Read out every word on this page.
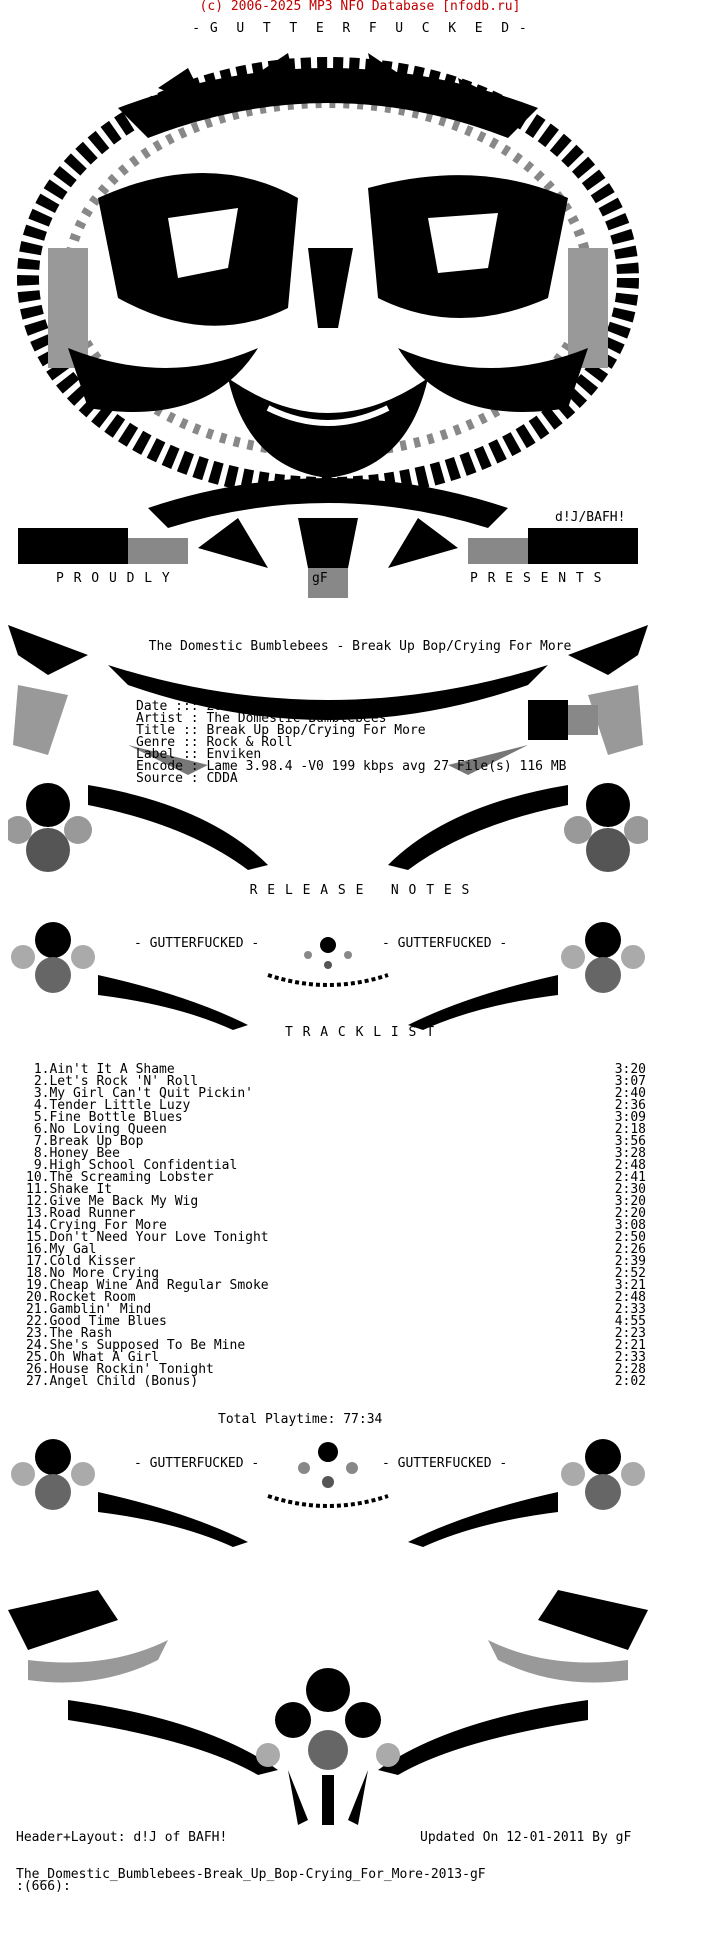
(c) 2006-2025 MP3 NFO Database [nfodb.ru]
- G  U  T  T  E  R  F  U  C  K  E  D -
d!J/BAFH!
P R O U D L Y	gF	P R E S E N T S
The Domestic Bumblebees - Break Up Bop/Crying For More
Date ::: 2014-01-18
Artist : The Domestic Bumblebees
Title :: Break Up Bop/Crying For More
Genre :: Rock & Roll
Label :: Enviken
Encode : Lame 3.98.4 -V0 199 kbps avg 27 File(s) 116 MB
Source : CDDA
R E L E A S E   N O T E S
- GUTTERFUCKED -	- GUTTERFUCKED -
T R A C K L I S T
1.Ain't It A Shame	3:20
2.Let's Rock 'N' Roll	3:07
3.My Girl Can't Quit Pickin'	2:40
4.Tender Little Luzy	2:36
5.Fine Bottle Blues	3:09
6.No Loving Queen	2:18
7.Break Up Bop	3:56
8.Honey Bee	3:28
9.High School Confidential	2:48
10.The Screaming Lobster	2:41
11.Shake It	2:30
12.Give Me Back My Wig	3:20
13.Road Runner	2:20
14.Crying For More	3:08
15.Don't Need Your Love Tonight	2:50
16.My Gal	2:26
17.Cold Kisser	2:39
18.No More Crying	2:52
19.Cheap Wine And Regular Smoke	3:21
20.Rocket Room	2:48
21.Gamblin' Mind	2:33
22.Good Time Blues	4:55
23.The Rash	2:23
24.She's Supposed To Be Mine	2:21
25.Oh What A Girl	2:33
26.House Rockin' Tonight	2:28
27.Angel Child (Bonus)	2:02
Total Playtime: 77:34
- GUTTERFUCKED -	- GUTTERFUCKED -
Header+Layout: d!J of BAFH!	Updated On 12-01-2011 By gF
The_Domestic_Bumblebees-Break_Up_Bop-Crying_For_More-2013-gF
:(666):
